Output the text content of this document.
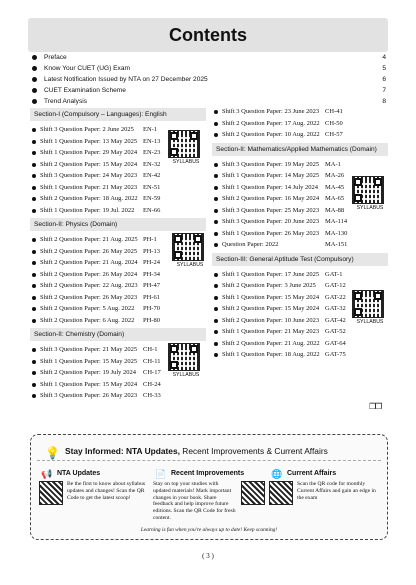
Contents
Preface	4
Know Your CUET (UG) Exam	5
Latest Notification Issued by NTA on 27 December 2025	6
CUET Examination Scheme	7
Trend Analysis	8
Section-I (Compulsory – Languages): English
Shift 3 Question Paper: 2 June 2025 EN-1
Shift 1 Question Paper: 13 May 2025 EN-13
Shift 1 Question Paper: 29 May 2024 EN-23
Shift 2 Question Paper: 15 May 2024 EN-32
Shift 3 Question Paper: 24 May 2023 EN-42
Shift 1 Question Paper: 21 May 2023 EN-51
Shift 2 Question Paper: 18 Aug. 2022 EN-59
Shift 1 Question Paper: 19 Jul. 2022 EN-66
Section-II: Physics (Domain)
Shift 2 Question Paper: 21 Aug. 2025 PH-1
Shift 2 Question Paper: 26 May 2025 PH-13
Shift 2 Question Paper: 21 Aug. 2024 PH-24
Shift 2 Question Paper: 26 May 2024 PH-34
Shift 2 Question Paper: 22 Aug. 2023 PH-47
Shift 2 Question Paper: 26 May 2023 PH-61
Shift 2 Question Paper: 5 Aug. 2022 PH-70
Shift 2 Question Paper: 6 Aug. 2022 PH-80
Section-II: Chemistry (Domain)
Shift 3 Question Paper: 21 May 2025 CH-1
Shift 1 Question Paper: 15 May 2025 CH-11
Shift 2 Question Paper: 19 July 2024 CH-17
Shift 1 Question Paper: 15 May 2024 CH-24
Shift 3 Question Paper: 26 May 2023 CH-33
Shift 3 Question Paper: 23 June 2023 CH-41
Shift 2 Question Paper: 17 Aug. 2022 CH-50
Shift 2 Question Paper: 10 Aug. 2022 CH-57
Section-II: Mathematics/Applied Mathematics (Domain)
Shift 3 Question Paper: 19 May 2025 MA-1
Shift 1 Question Paper: 14 May 2025 MA-26
Shift 1 Question Paper: 14 July 2024 MA-45
Shift 2 Question Paper: 16 May 2024 MA-65
Shift 3 Question Paper: 25 May 2023 MA-88
Shift 3 Question Paper: 20 June 2023 MA-114
Shift 1 Question Paper: 26 May 2023 MA-130
Question Paper: 2022	MA-151
Section-III: General Aptitude Test (Compulsory)
Shift 1 Question Paper: 17 June 2025 GAT-1
Shift 2 Question Paper: 3 June 2025 GAT-12
Shift 1 Question Paper: 15 May 2024 GAT-22
Shift 2 Question Paper: 15 May 2024 GAT-32
Shift 2 Question Paper: 10 June 2023 GAT-42
Shift 1 Question Paper: 21 May 2023 GAT-52
Shift 2 Question Paper: 21 Aug. 2022 GAT-64
Shift 1 Question Paper: 18 Aug. 2022 GAT-75
SYLLABUS
SYLLABUS
SYLLABUS
SYLLABUS
SYLLABUS
❐❐
💡 Stay Informed: NTA Updates, Recent Improvements & Current Affairs
📢 NTA Updates
Be the first to know about syllabus updates and changes! Scan the QR Code to get the latest scoop!
📄 Recent Improvements
Stay on top your studies with updated materials! Mark important changes in your book. Share feedback and help improve future editions. Scan the QR Code for fresh content.
🌐 Current Affairs
Scan the QR code for monthly Current Affairs and gain an edge in the exam
Learning is fun when you're always up to date! Keep scanning!
( 3 )
